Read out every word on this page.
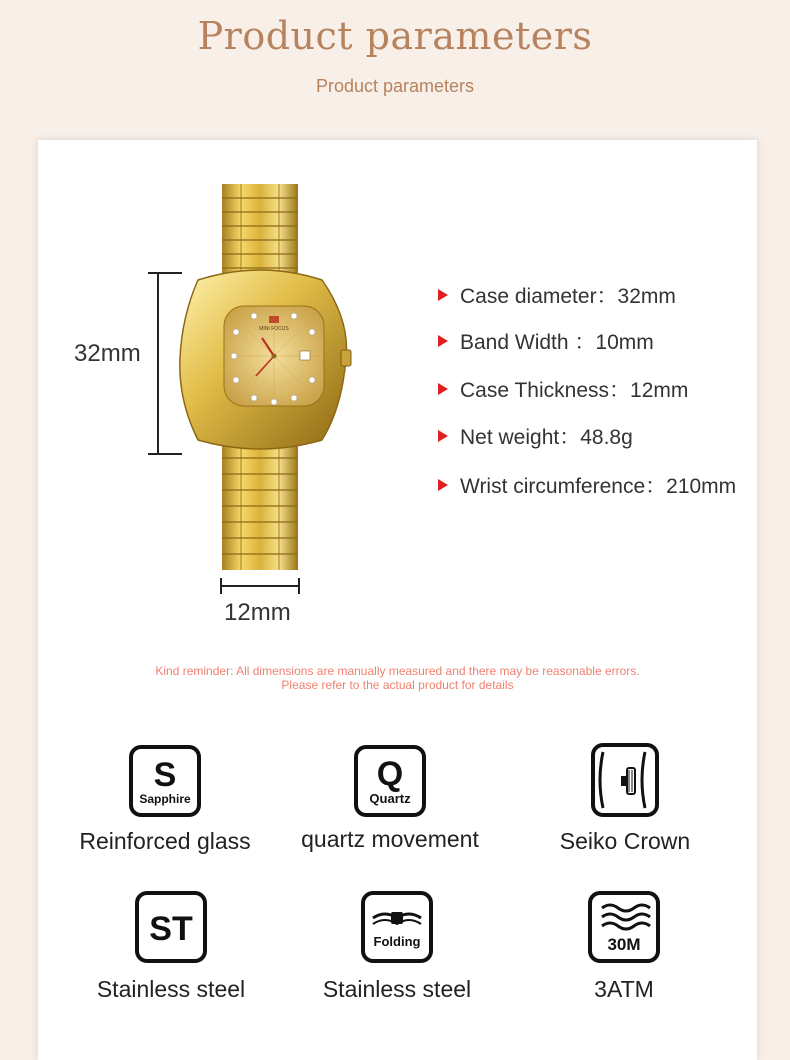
Product parameters
Product parameters
MINI FOCUS
32mm
12mm
Case diameter：32mm
Band Width ：10mm
Case Thickness：12mm
Net weight：48.8g
Wrist circumference：210mm
Kind reminder: All dimensions are manually measured and there may be reasonable errors.
Please refer to the actual product for details
S
Sapphire
Reinforced glass
Q
Quartz
quartz movement	Seiko Crown
ST
Stainless steel
Folding
Stainless steel
30M
3ATM
